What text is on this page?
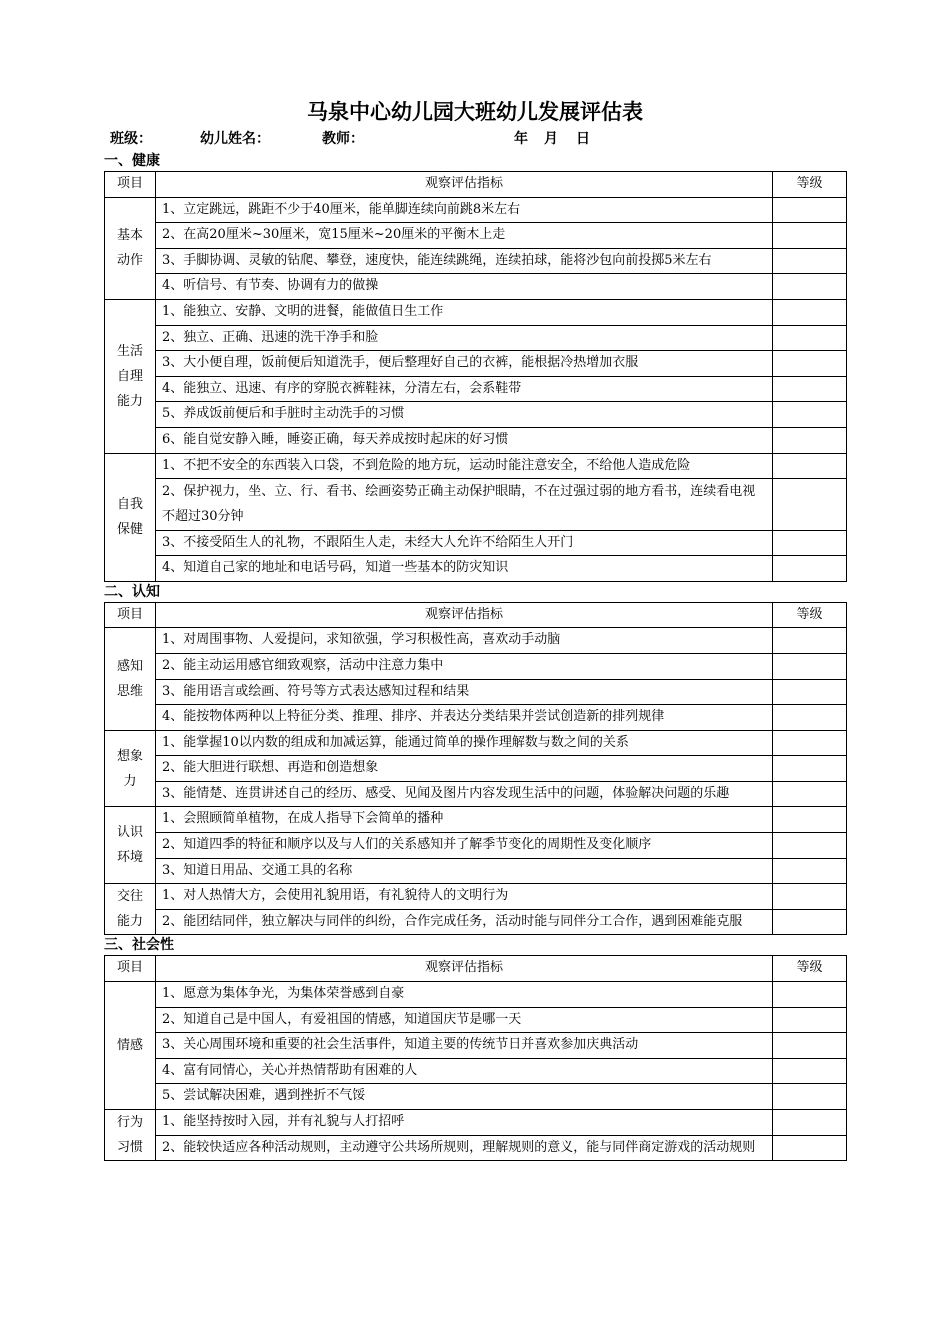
马泉中心幼儿园大班幼儿发展评估表
班级：	幼儿姓名：	教师：	年 月 日
一、健康
项目	观察评估指标	等级
基本
动作	1、立定跳远，跳距不少于40厘米，能单脚连续向前跳8米左右	
	2、在高20厘米~30厘米，宽15厘米~20厘米的平衡木上走	
	3、手脚协调、灵敏的钻爬、攀登，速度快，能连续跳绳，连续拍球，能将沙包向前投掷5米左右	
	4、听信号、有节奏、协调有力的做操	
生活
自理
能力	1、能独立、安静、文明的进餐，能做值日生工作	
	2、独立、正确、迅速的洗干净手和脸	
	3、大小便自理，饭前便后知道洗手，便后整理好自己的衣裤，能根据冷热增加衣服	
	4、能独立、迅速、有序的穿脱衣裤鞋袜，分清左右，会系鞋带	
	5、养成饭前便后和手脏时主动洗手的习惯	
	6、能自觉安静入睡，睡姿正确，每天养成按时起床的好习惯	
自我
保健	1、不把不安全的东西装入口袋，不到危险的地方玩，运动时能注意安全，不给他人造成危险	
	2、保护视力，坐、立、行、看书、绘画姿势正确主动保护眼睛，不在过强过弱的地方看书，连续看电视不超过30分钟	
	3、不接受陌生人的礼物，不跟陌生人走，未经大人允许不给陌生人开门	
	4、知道自己家的地址和电话号码，知道一些基本的防灾知识	
二、认知
项目	观察评估指标	等级
感知
思维	1、对周围事物、人爱提问，求知欲强，学习积极性高，喜欢动手动脑	
	2、能主动运用感官细致观察，活动中注意力集中	
	3、能用语言或绘画、符号等方式表达感知过程和结果	
	4、能按物体两种以上特征分类、推理、排序、并表达分类结果并尝试创造新的排列规律	
想象
力	1、能掌握10以内数的组成和加减运算，能通过简单的操作理解数与数之间的关系	
	2、能大胆进行联想、再造和创造想象	
	3、能情楚、连贯讲述自己的经历、感受、见闻及图片内容发现生活中的问题，体验解决问题的乐趣	
认识
环境	1、会照顾简单植物，在成人指导下会简单的播种	
	2、知道四季的特征和顺序以及与人们的关系感知并了解季节变化的周期性及变化顺序	
	3、知道日用品、交通工具的名称	
交往
能力	1、对人热情大方，会使用礼貌用语，有礼貌待人的文明行为	
	2、能团结同伴，独立解决与同伴的纠纷，合作完成任务，活动时能与同伴分工合作，遇到困难能克服	
三、社会性
项目	观察评估指标	等级
情感	1、愿意为集体争光，为集体荣誉感到自豪	
	2、知道自己是中国人，有爱祖国的情感，知道国庆节是哪一天	
	3、关心周围环境和重要的社会生活事件，知道主要的传统节日并喜欢参加庆典活动	
	4、富有同情心，关心并热情帮助有困难的人	
	5、尝试解决困难，遇到挫折不气馁	
行为
习惯	1、能坚持按时入园，并有礼貌与人打招呼	
	2、能较快适应各种活动规则，主动遵守公共场所规则，理解规则的意义，能与同伴商定游戏的活动规则	
